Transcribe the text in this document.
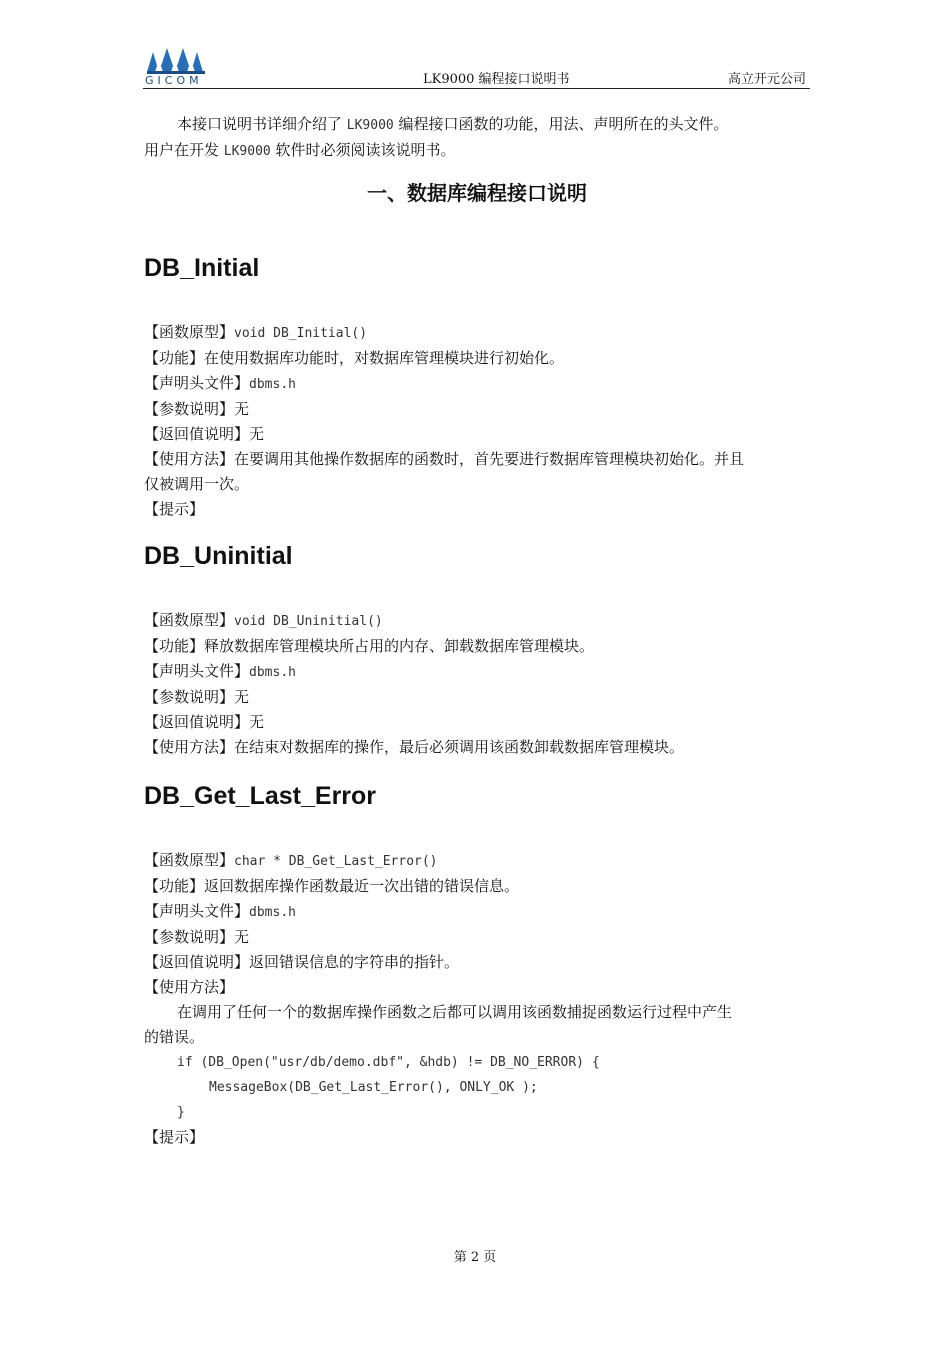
GICOM	LK9000 编程接口说明书	高立开元公司

本接口说明书详细介绍了 LK9000 编程接口函数的功能，用法、声明所在的头文件。

用户在开发 LK9000 软件时必须阅读该说明书。

一、数据库编程接口说明
DB_Initial

【函数原型】void DB_Initial()

【功能】在使用数据库功能时，对数据库管理模块进行初始化。

【声明头文件】dbms.h

【参数说明】无

【返回值说明】无

【使用方法】在要调用其他操作数据库的函数时，首先要进行数据库管理模块初始化。并且

仅被调用一次。

【提示】

DB_Uninitial

【函数原型】void DB_Uninitial()

【功能】释放数据库管理模块所占用的内存、卸载数据库管理模块。

【声明头文件】dbms.h

【参数说明】无

【返回值说明】无

【使用方法】在结束对数据库的操作，最后必须调用该函数卸载数据库管理模块。

DB_Get_Last_Error

【函数原型】char * DB_Get_Last_Error()

【功能】返回数据库操作函数最近一次出错的错误信息。

【声明头文件】dbms.h

【参数说明】无

【返回值说明】返回错误信息的字符串的指针。

【使用方法】

在调用了任何一个的数据库操作函数之后都可以调用该函数捕捉函数运行过程中产生

的错误。

if (DB_Open("usr/db/demo.dbf", &hdb) != DB_NO_ERROR) {
MessageBox(DB_Get_Last_Error(), ONLY_OK );
}

【提示】

第 2 页
